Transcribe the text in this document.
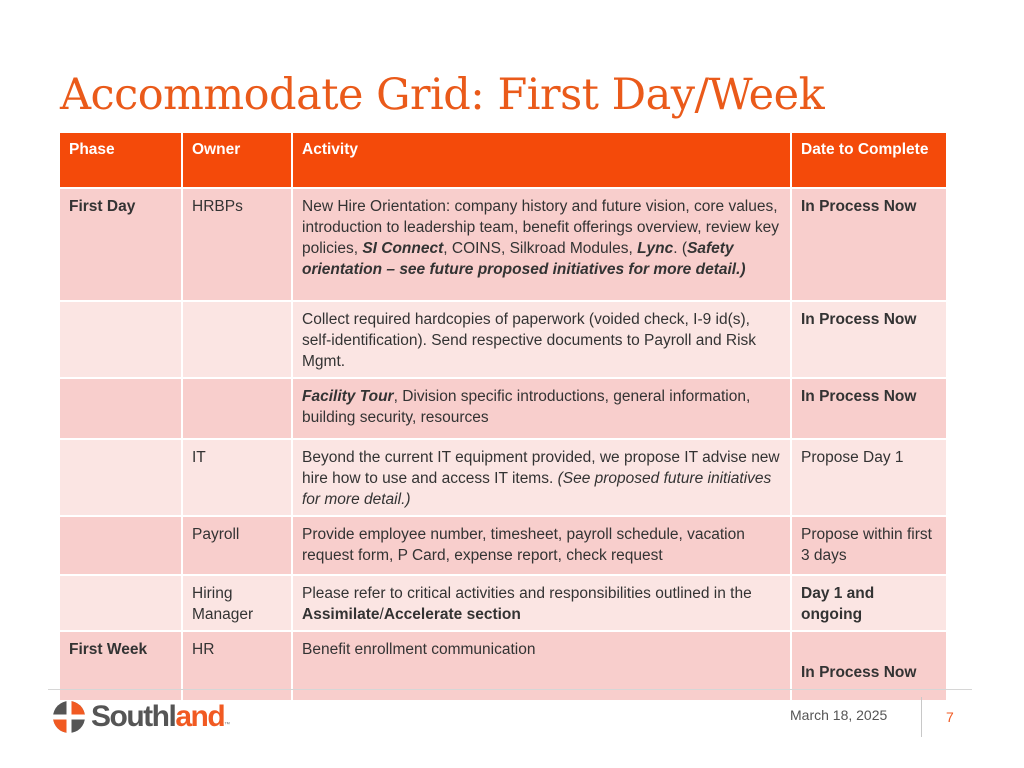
Accommodate Grid: First Day/Week
Phase	Owner	Activity	Date to Complete
First Day	HRBPs	New Hire Orientation: company history and future vision, core values, introduction to leadership team, benefit offerings overview, review key policies, SI Connect, COINS, Silkroad Modules, Lync. (Safety orientation – see future proposed initiatives for more detail.)	In Process Now
		Collect required hardcopies of paperwork (voided check, I-9 id(s), self-identification). Send respective documents to Payroll and Risk Mgmt.	In Process Now
		Facility Tour, Division specific introductions, general information, building security, resources	In Process Now
	IT	Beyond the current IT equipment provided, we propose IT advise new hire how to use and access IT items. (See proposed future initiatives for more detail.)	Propose Day 1
	Payroll	Provide employee number, timesheet, payroll schedule, vacation request form, P Card, expense report, check request	Propose within first 3 days
	Hiring Manager	Please refer to critical activities and responsibilities outlined in the Assimilate/Accelerate section	Day 1 and ongoing
First Week	HR	Benefit enrollment communication	In Process Now
Southland ™
March 18, 2025	7
